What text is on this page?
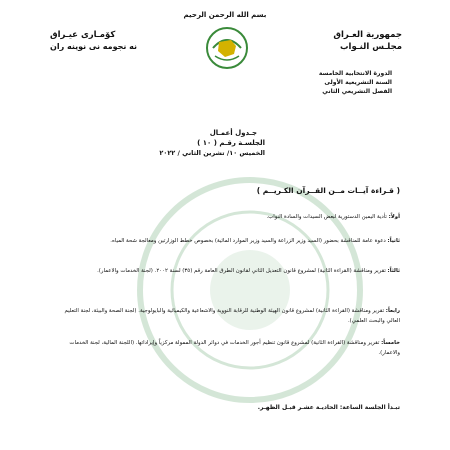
بسم الله الرحمن الرحيم
جمهورية العـراق
مجلـس النـواب
كۆمـارى عيـراق
نه نجومه نى نوينه ران
الدورة الانتخابية الخامسة
السنة التشريعية الأولى
الفصل التشريعي الثاني
جـدول أعمـال
الجلسـة رقـم ( ١٠ )
الخميس ١٠/ تشرين الثاني / ٢٠٢٢
( قـراءة آيــات مــن القــرآن الكـريــم )
أولاً: تأدية اليمين الدستورية لبعض السيدات والسادة النواب.
ثانياً: دعوة عامة للمناقشة بحضور (السيد وزير الزراعة والسيد وزير الموارد المائية) بخصوص خطط الوزارتين ومعالجة شحة المياه.
ثالثاً: تقرير ومناقشة (القراءة الثانية) لمشروع قانون التعديل الثاني لقانون الطرق العامة رقم (٣٥) لسنة ٢٠٠٢. (لجنة الخدمات والاعمار).
رابعاً: تقرير ومناقشة (القراءة الثانية) لمشروع قانون الهيئة الوطنية للرقابة النووية والاشعاعية والكيميائية والبايولوجية. (لجنة الصحة والبيئة، لجنة التعليم العالي والبحث العلمي).
خامساً: تقرير ومناقشة (القراءة الثانية) لمشروع قانون تنظيم أجور الخدمات في دوائر الدولة الممولة مركزياً وإيراداتها. (اللجنة المالية، لجنة الخدمات والاعمار).
تبـدأ الجلسة الساعة: الحاديـة عشـر قبـل الظهـر.
